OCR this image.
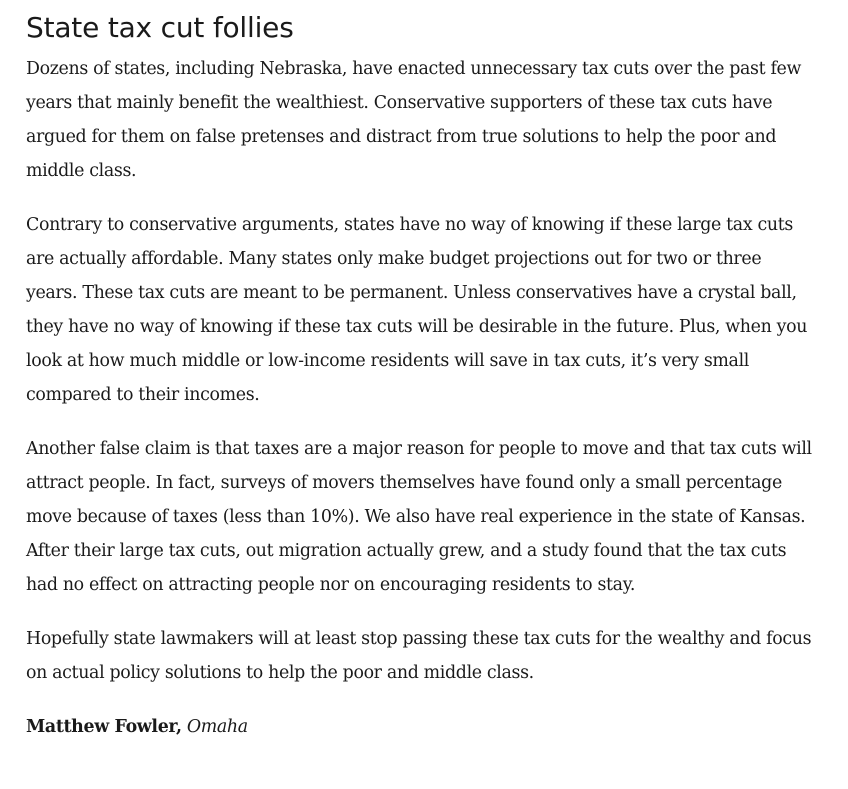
State tax cut follies

Dozens of states, including Nebraska, have enacted unnecessary tax cuts over the past few years that mainly benefit the wealthiest. Conservative supporters of these tax cuts have argued for them on false pretenses and distract from true solutions to help the poor and middle class.

Contrary to conservative arguments, states have no way of knowing if these large tax cuts are actually affordable. Many states only make budget projections out for two or three years. These tax cuts are meant to be permanent. Unless conservatives have a crystal ball, they have no way of knowing if these tax cuts will be desirable in the future. Plus, when you look at how much middle or low-income residents will save in tax cuts, it’s very small compared to their incomes.

Another false claim is that taxes are a major reason for people to move and that tax cuts will attract people. In fact, surveys of movers themselves have found only a small percentage move because of taxes (less than 10%). We also have real experience in the state of Kansas. After their large tax cuts, out migration actually grew, and a study found that the tax cuts had no effect on attracting people nor on encouraging residents to stay.

Hopefully state lawmakers will at least stop passing these tax cuts for the wealthy and focus on actual policy solutions to help the poor and middle class.

Matthew Fowler, Omaha
